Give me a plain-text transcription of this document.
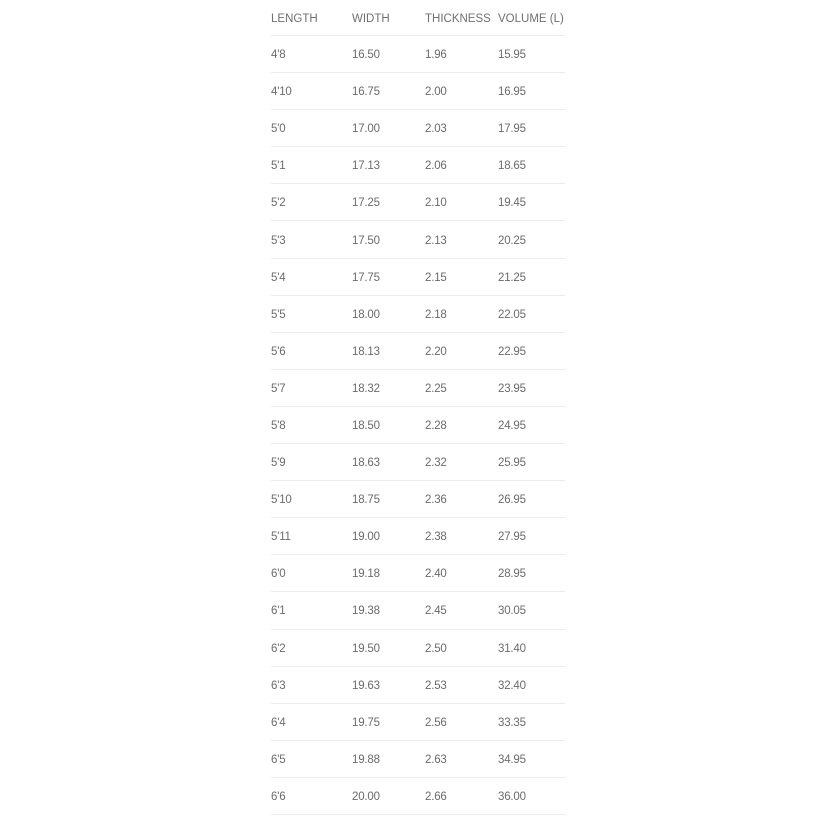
LENGTH	WIDTH	THICKNESS VOLUME (L)
4'8	16.50	1.96	15.95
4'10	16.75	2.00	16.95
5'0	17.00	2.03	17.95
5'1	17.13	2.06	18.65
5'2	17.25	2.10	19.45
5'3	17.50	2.13	20.25
5'4	17.75	2.15	21.25
5'5	18.00	2.18	22.05
5'6	18.13	2.20	22.95
5'7	18.32	2.25	23.95
5'8	18.50	2.28	24.95
5'9	18.63	2.32	25.95
5'10	18.75	2.36	26.95
5'11	19.00	2.38	27.95
6'0	19.18	2.40	28.95
6'1	19.38	2.45	30.05
6'2	19.50	2.50	31.40
6'3	19.63	2.53	32.40
6'4	19.75	2.56	33.35
6'5	19.88	2.63	34.95
6'6	20.00	2.66	36.00
